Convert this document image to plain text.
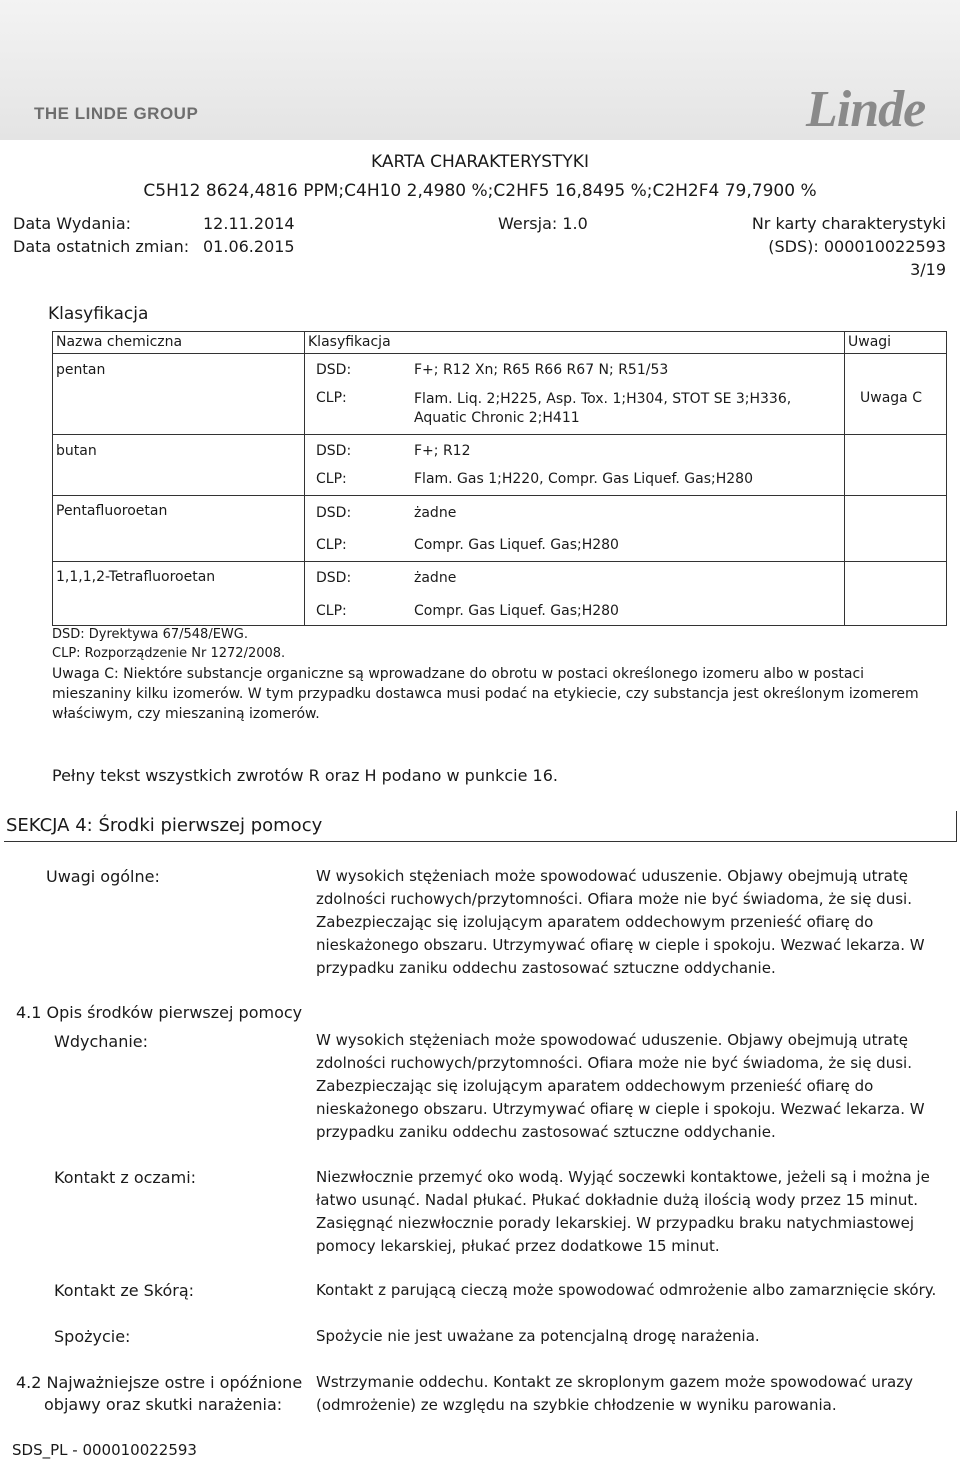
THE LINDE GROUP	Linde
KARTA CHARAKTERYSTYKI
C5H12 8624,4816 PPM;C4H10 2,4980 %;C2HF5 16,8495 %;C2H2F4 79,7900 %
Data Wydania:	12.11.2014	Wersja: 1.0	Nr karty charakterystyki
Data ostatnich zmian: 01.06.2015	(SDS): 000010022593
3/19
Klasyfikacja
Nazwa chemiczna	Klasyfikacja	Uwagi
pentan	DSD:	F+; R12 Xn; R65 R66 R67 N; R51/53
CLP:	Flam. Liq. 2;H225, Asp. Tox. 1;H304, STOT SE 3;H336, Aquatic Chronic 2;H411
Uwaga C
butan	DSD:	F+; R12
CLP:	Flam. Gas 1;H220, Compr. Gas Liquef. Gas;H280
Pentafluoroetan	DSD:	żadne
CLP:	Compr. Gas Liquef. Gas;H280
1,1,1,2-Tetrafluoroetan	DSD:	żadne
CLP:	Compr. Gas Liquef. Gas;H280
DSD: Dyrektywa 67/548/EWG.
CLP: Rozporządzenie Nr 1272/2008.
Uwaga C: Niektóre substancje organiczne są wprowadzane do obrotu w postaci określonego izomeru albo w postaci mieszaniny kilku izomerów. W tym przypadku dostawca musi podać na etykiecie, czy substancja jest określonym izomerem właściwym, czy mieszaniną izomerów.
Pełny tekst wszystkich zwrotów R oraz H podano w punkcie 16.
SEKCJA 4: Środki pierwszej pomocy
Uwagi ogólne:	W wysokich stężeniach może spowodować uduszenie. Objawy obejmują utratę zdolności ruchowych/przytomności. Ofiara może nie być świadoma, że się dusi. Zabezpieczając się izolującym aparatem oddechowym przenieść ofiarę do nieskażonego obszaru. Utrzymywać ofiarę w cieple i spokoju. Wezwać lekarza. W przypadku zaniku oddechu zastosować sztuczne oddychanie.
4.1 Opis środków pierwszej pomocy
Wdychanie:	W wysokich stężeniach może spowodować uduszenie. Objawy obejmują utratę zdolności ruchowych/przytomności. Ofiara może nie być świadoma, że się dusi. Zabezpieczając się izolującym aparatem oddechowym przenieść ofiarę do nieskażonego obszaru. Utrzymywać ofiarę w cieple i spokoju. Wezwać lekarza. W przypadku zaniku oddechu zastosować sztuczne oddychanie.
Kontakt z oczami:	Niezwłocznie przemyć oko wodą. Wyjąć soczewki kontaktowe, jeżeli są i można je łatwo usunąć. Nadal płukać. Płukać dokładnie dużą ilością wody przez 15 minut. Zasięgnąć niezwłocznie porady lekarskiej. W przypadku braku natychmiastowej pomocy lekarskiej, płukać przez dodatkowe 15 minut.
Kontakt ze Skórą:	Kontakt z parującą cieczą może spowodować odmrożenie albo zamarznięcie skóry.
Spożycie:	Spożycie nie jest uważane za potencjalną drogę narażenia.
4.2 Najważniejsze ostre i opóźnione
objawy oraz skutki narażenia:
Wstrzymanie oddechu. Kontakt ze skroplonym gazem może spowodować urazy (odmrożenie) ze względu na szybkie chłodzenie w wyniku parowania.
SDS_PL - 000010022593
